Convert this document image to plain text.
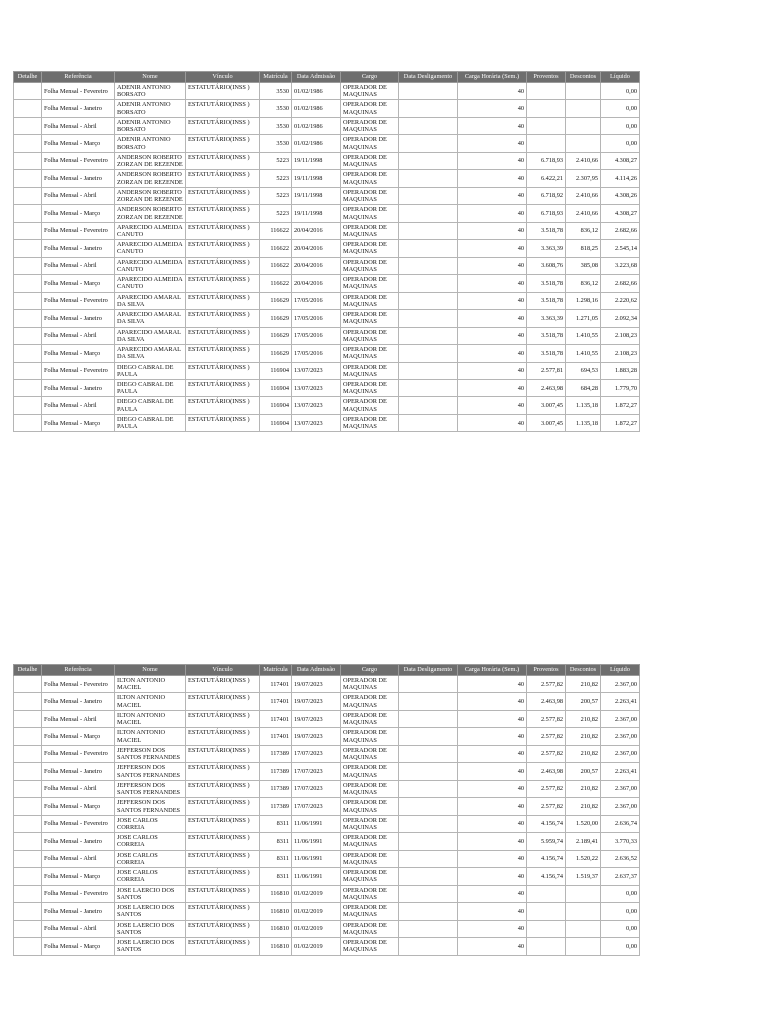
Detalhe	Referência	Nome	Vínculo	Matrícula	Data Admissão	Cargo	Data Desligamento	Carga Horária (Sem.)	Proventos	Descontos	Líquido
	Folha Mensal - Fevereiro	ADENIR ANTONIO BORSATO	ESTATUTÁRIO(INSS )	3530	01/02/1986	OPERADOR DE MAQUINAS		40			0,00
	Folha Mensal - Janeiro	ADENIR ANTONIO BORSATO	ESTATUTÁRIO(INSS )	3530	01/02/1986	OPERADOR DE MAQUINAS		40			0,00
	Folha Mensal - Abril	ADENIR ANTONIO BORSATO	ESTATUTÁRIO(INSS )	3530	01/02/1986	OPERADOR DE MAQUINAS		40			0,00
	Folha Mensal - Março	ADENIR ANTONIO BORSATO	ESTATUTÁRIO(INSS )	3530	01/02/1986	OPERADOR DE MAQUINAS		40			0,00
	Folha Mensal - Fevereiro	ANDERSON ROBERTO ZORZAN DE REZENDE	ESTATUTÁRIO(INSS )	5223	19/11/1998	OPERADOR DE MAQUINAS		40	6.718,93	2.410,66	4.308,27
	Folha Mensal - Janeiro	ANDERSON ROBERTO ZORZAN DE REZENDE	ESTATUTÁRIO(INSS )	5223	19/11/1998	OPERADOR DE MAQUINAS		40	6.422,21	2.307,95	4.114,26
	Folha Mensal - Abril	ANDERSON ROBERTO ZORZAN DE REZENDE	ESTATUTÁRIO(INSS )	5223	19/11/1998	OPERADOR DE MAQUINAS		40	6.718,92	2.410,66	4.308,26
	Folha Mensal - Março	ANDERSON ROBERTO ZORZAN DE REZENDE	ESTATUTÁRIO(INSS )	5223	19/11/1998	OPERADOR DE MAQUINAS		40	6.718,93	2.410,66	4.308,27
	Folha Mensal - Fevereiro	APARECIDO ALMEIDA CANUTO	ESTATUTÁRIO(INSS )	116622	20/04/2016	OPERADOR DE MAQUINAS		40	3.518,78	836,12	2.682,66
	Folha Mensal - Janeiro	APARECIDO ALMEIDA CANUTO	ESTATUTÁRIO(INSS )	116622	20/04/2016	OPERADOR DE MAQUINAS		40	3.363,39	818,25	2.545,14
	Folha Mensal - Abril	APARECIDO ALMEIDA CANUTO	ESTATUTÁRIO(INSS )	116622	20/04/2016	OPERADOR DE MAQUINAS		40	3.608,76	385,08	3.223,68
	Folha Mensal - Março	APARECIDO ALMEIDA CANUTO	ESTATUTÁRIO(INSS )	116622	20/04/2016	OPERADOR DE MAQUINAS		40	3.518,78	836,12	2.682,66
	Folha Mensal - Fevereiro	APARECIDO AMARAL DA SILVA	ESTATUTÁRIO(INSS )	116629	17/05/2016	OPERADOR DE MAQUINAS		40	3.518,78	1.298,16	2.220,62
	Folha Mensal - Janeiro	APARECIDO AMARAL DA SILVA	ESTATUTÁRIO(INSS )	116629	17/05/2016	OPERADOR DE MAQUINAS		40	3.363,39	1.271,05	2.092,34
	Folha Mensal - Abril	APARECIDO AMARAL DA SILVA	ESTATUTÁRIO(INSS )	116629	17/05/2016	OPERADOR DE MAQUINAS		40	3.518,78	1.410,55	2.108,23
	Folha Mensal - Março	APARECIDO AMARAL DA SILVA	ESTATUTÁRIO(INSS )	116629	17/05/2016	OPERADOR DE MAQUINAS		40	3.518,78	1.410,55	2.108,23
	Folha Mensal - Fevereiro	DIEGO CABRAL DE PAULA	ESTATUTÁRIO(INSS )	116904	13/07/2023	OPERADOR DE MAQUINAS		40	2.577,81	694,53	1.883,28
	Folha Mensal - Janeiro	DIEGO CABRAL DE PAULA	ESTATUTÁRIO(INSS )	116904	13/07/2023	OPERADOR DE MAQUINAS		40	2.463,98	684,28	1.779,70
	Folha Mensal - Abril	DIEGO CABRAL DE PAULA	ESTATUTÁRIO(INSS )	116904	13/07/2023	OPERADOR DE MAQUINAS		40	3.007,45	1.135,18	1.872,27
	Folha Mensal - Março	DIEGO CABRAL DE PAULA	ESTATUTÁRIO(INSS )	116904	13/07/2023	OPERADOR DE MAQUINAS		40	3.007,45	1.135,18	1.872,27
Detalhe	Referência	Nome	Vínculo	Matrícula	Data Admissão	Cargo	Data Desligamento	Carga Horária (Sem.)	Proventos	Descontos	Líquido
	Folha Mensal - Fevereiro	ILTON ANTONIO MACIEL	ESTATUTÁRIO(INSS )	117401	19/07/2023	OPERADOR DE MAQUINAS		40	2.577,82	210,82	2.367,00
	Folha Mensal - Janeiro	ILTON ANTONIO MACIEL	ESTATUTÁRIO(INSS )	117401	19/07/2023	OPERADOR DE MAQUINAS		40	2.463,98	200,57	2.263,41
	Folha Mensal - Abril	ILTON ANTONIO MACIEL	ESTATUTÁRIO(INSS )	117401	19/07/2023	OPERADOR DE MAQUINAS		40	2.577,82	210,82	2.367,00
	Folha Mensal - Março	ILTON ANTONIO MACIEL	ESTATUTÁRIO(INSS )	117401	19/07/2023	OPERADOR DE MAQUINAS		40	2.577,82	210,82	2.367,00
	Folha Mensal - Fevereiro	JEFFERSON DOS SANTOS FERNANDES	ESTATUTÁRIO(INSS )	117389	17/07/2023	OPERADOR DE MAQUINAS		40	2.577,82	210,82	2.367,00
	Folha Mensal - Janeiro	JEFFERSON DOS SANTOS FERNANDES	ESTATUTÁRIO(INSS )	117389	17/07/2023	OPERADOR DE MAQUINAS		40	2.463,98	200,57	2.263,41
	Folha Mensal - Abril	JEFFERSON DOS SANTOS FERNANDES	ESTATUTÁRIO(INSS )	117389	17/07/2023	OPERADOR DE MAQUINAS		40	2.577,82	210,82	2.367,00
	Folha Mensal - Março	JEFFERSON DOS SANTOS FERNANDES	ESTATUTÁRIO(INSS )	117389	17/07/2023	OPERADOR DE MAQUINAS		40	2.577,82	210,82	2.367,00
	Folha Mensal - Fevereiro	JOSE CARLOS CORREIA	ESTATUTÁRIO(INSS )	8311	11/06/1991	OPERADOR DE MAQUINAS		40	4.156,74	1.520,00	2.636,74
	Folha Mensal - Janeiro	JOSE CARLOS CORREIA	ESTATUTÁRIO(INSS )	8311	11/06/1991	OPERADOR DE MAQUINAS		40	5.959,74	2.189,41	3.770,33
	Folha Mensal - Abril	JOSE CARLOS CORREIA	ESTATUTÁRIO(INSS )	8311	11/06/1991	OPERADOR DE MAQUINAS		40	4.156,74	1.520,22	2.636,52
	Folha Mensal - Março	JOSE CARLOS CORREIA	ESTATUTÁRIO(INSS )	8311	11/06/1991	OPERADOR DE MAQUINAS		40	4.156,74	1.519,37	2.637,37
	Folha Mensal - Fevereiro	JOSE LAERCIO DOS SANTOS	ESTATUTÁRIO(INSS )	116810	01/02/2019	OPERADOR DE MAQUINAS		40			0,00
	Folha Mensal - Janeiro	JOSE LAERCIO DOS SANTOS	ESTATUTÁRIO(INSS )	116810	01/02/2019	OPERADOR DE MAQUINAS		40			0,00
	Folha Mensal - Abril	JOSE LAERCIO DOS SANTOS	ESTATUTÁRIO(INSS )	116810	01/02/2019	OPERADOR DE MAQUINAS		40			0,00
	Folha Mensal - Março	JOSE LAERCIO DOS SANTOS	ESTATUTÁRIO(INSS )	116810	01/02/2019	OPERADOR DE MAQUINAS		40			0,00
